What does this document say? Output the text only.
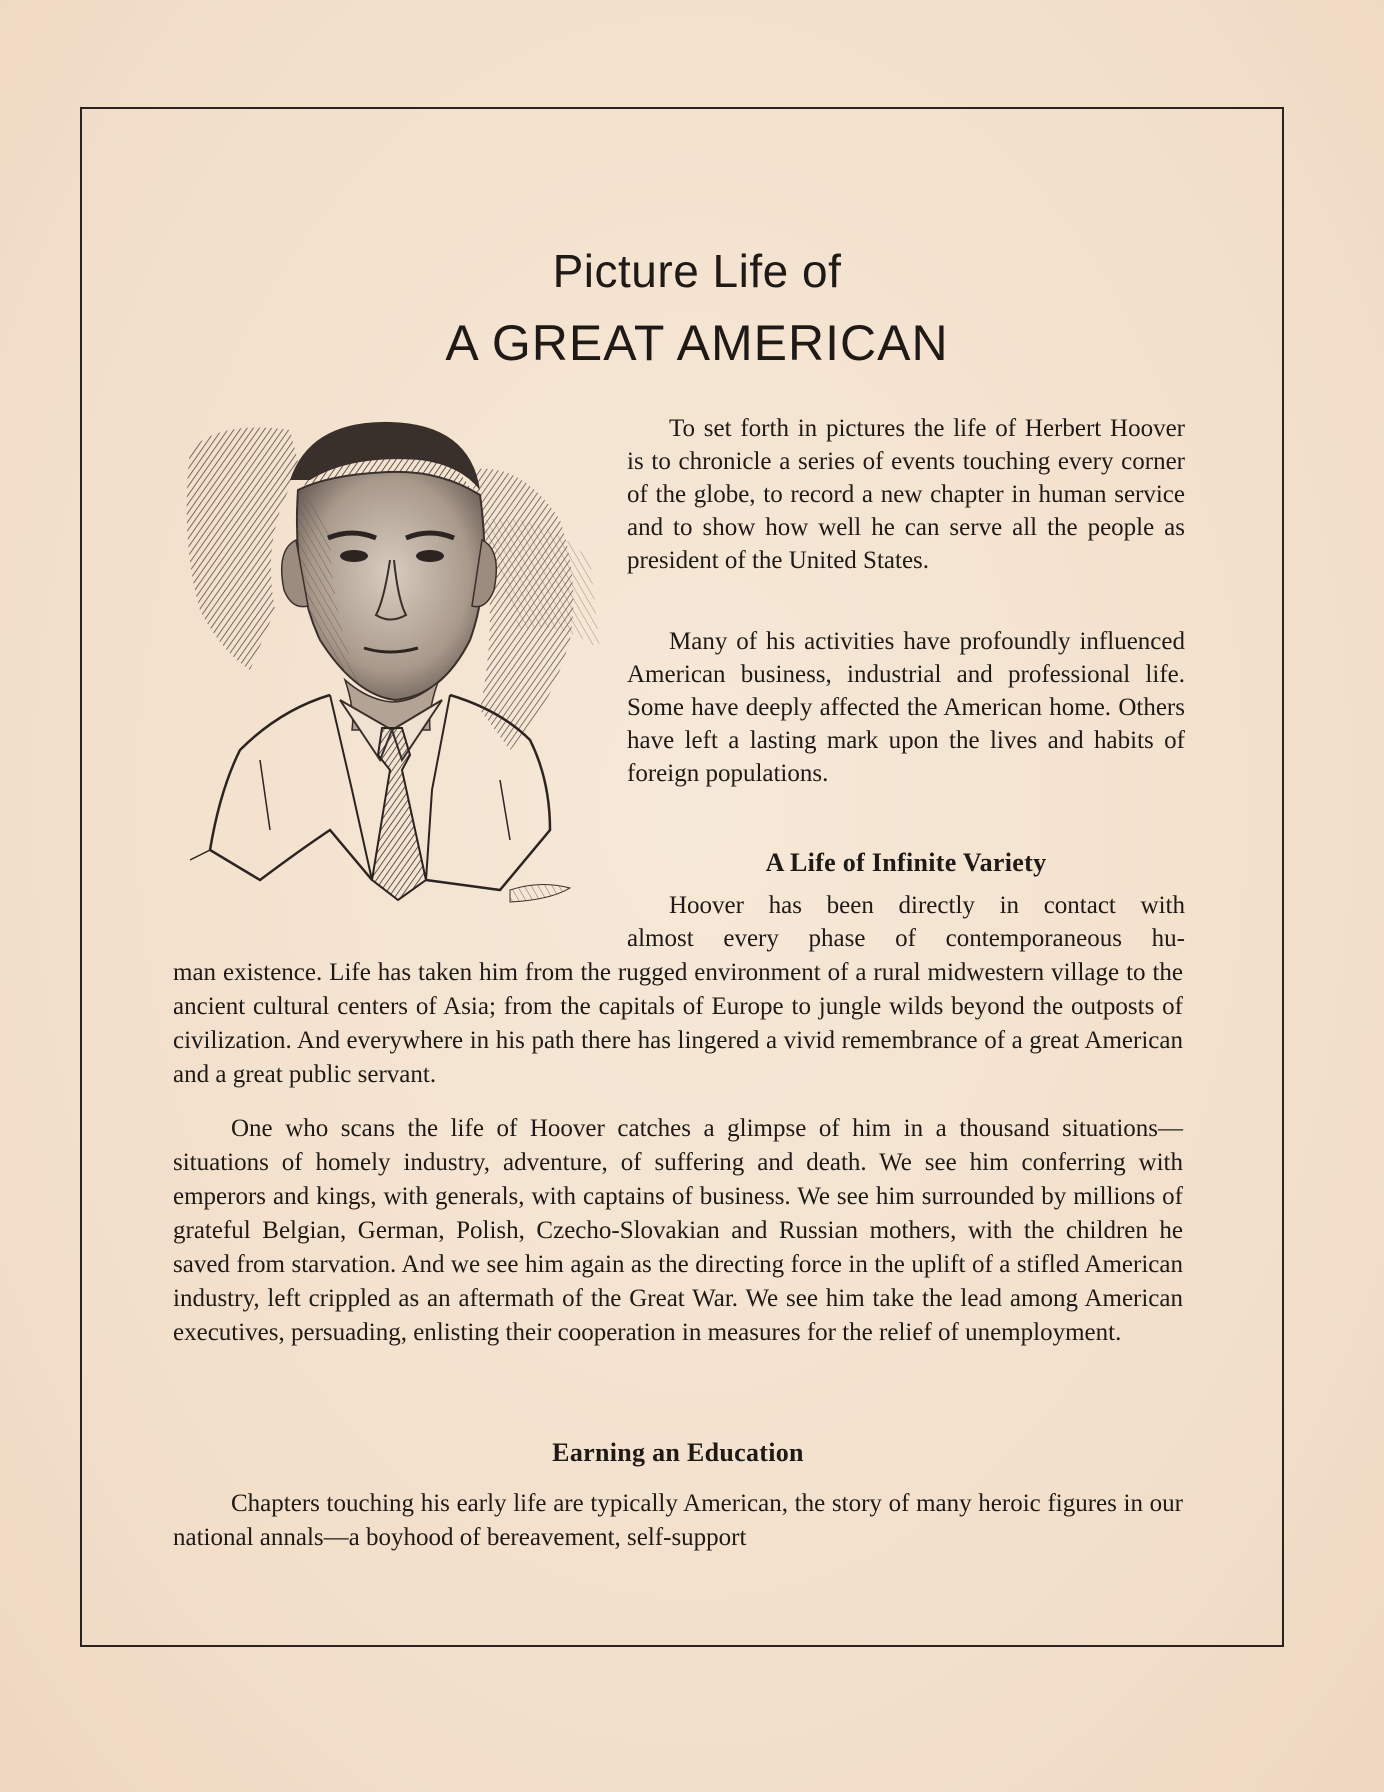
Picture Life of
A GREAT AMERICAN

To set forth in pictures the life of Herbert Hoover is to chronicle a series of events touching every corner of the globe, to record a new chapter in human service and to show how well he can serve all the people as president of the United States.

Many of his activities have profoundly influenced American business, industrial and professional life. Some have deeply affected the American home. Others have left a lasting mark upon the lives and habits of foreign populations.

A Life of Infinite Variety
Hoover has been directly in contact with
almost every phase of contemporaneous hu-

man existence. Life has taken him from the rugged environment of a rural midwestern village to the ancient cultural centers of Asia; from the capitals of Europe to jungle wilds beyond the outposts of civilization. And everywhere in his path there has lingered a vivid remembrance of a great American and a great public servant.

One who scans the life of Hoover catches a glimpse of him in a thousand situations—situations of homely industry, adventure, of suffering and death. We see him conferring with emperors and kings, with generals, with captains of business. We see him surrounded by millions of grateful Belgian, German, Polish, Czecho-Slovakian and Russian mothers, with the children he saved from starvation. And we see him again as the directing force in the uplift of a stifled American industry, left crippled as an aftermath of the Great War. We see him take the lead among American executives, persuading, enlisting their cooperation in measures for the relief of unemployment.

Earning an Education

Chapters touching his early life are typically American, the story of many heroic figures in our national annals—a boyhood of bereavement, self-support
